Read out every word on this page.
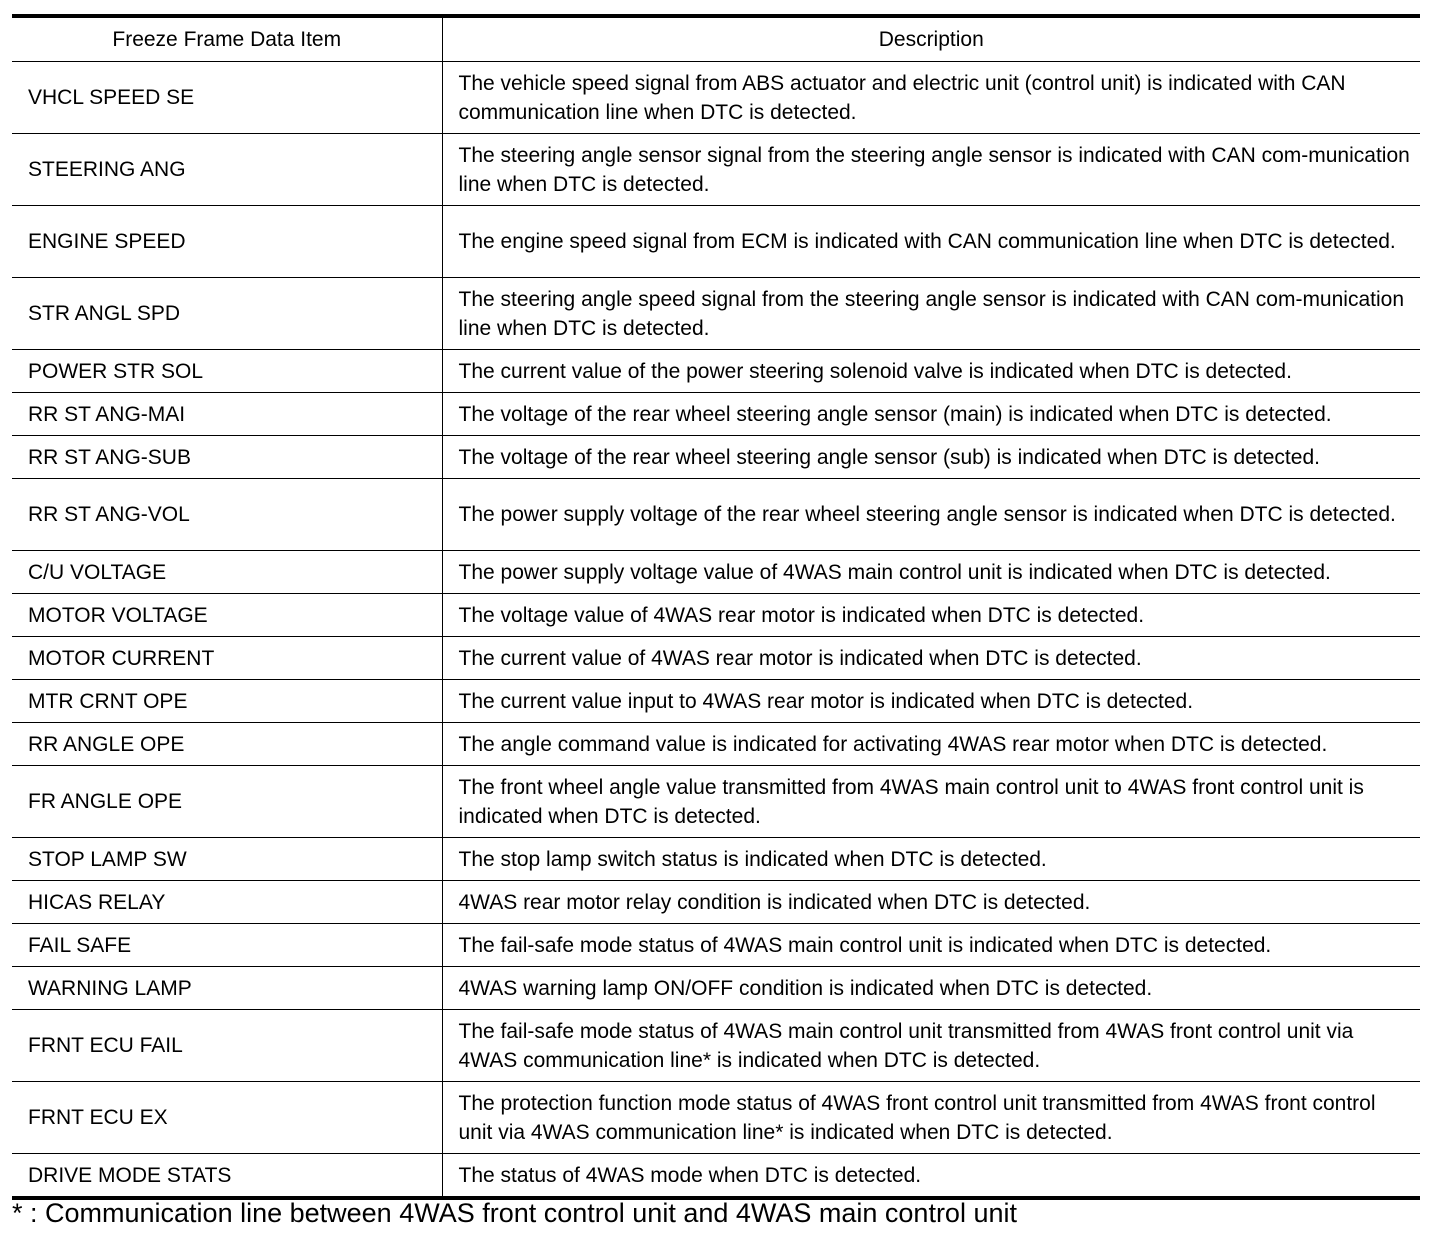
Freeze Frame Data Item	Description
VHCL SPEED SE	The vehicle speed signal from ABS actuator and electric unit (control unit) is indicated with CAN communication line when DTC is detected.
STEERING ANG	The steering angle sensor signal from the steering angle sensor is indicated with CAN com-munication line when DTC is detected.
ENGINE SPEED	The engine speed signal from ECM is indicated with CAN communication line when DTC is detected.
STR ANGL SPD	The steering angle speed signal from the steering angle sensor is indicated with CAN com-munication line when DTC is detected.
POWER STR SOL	The current value of the power steering solenoid valve is indicated when DTC is detected.
RR ST ANG-MAI	The voltage of the rear wheel steering angle sensor (main) is indicated when DTC is detected.
RR ST ANG-SUB	The voltage of the rear wheel steering angle sensor (sub) is indicated when DTC is detected.
RR ST ANG-VOL	The power supply voltage of the rear wheel steering angle sensor is indicated when DTC is detected.
C/U VOLTAGE	The power supply voltage value of 4WAS main control unit is indicated when DTC is detected.
MOTOR VOLTAGE	The voltage value of 4WAS rear motor is indicated when DTC is detected.
MOTOR CURRENT	The current value of 4WAS rear motor is indicated when DTC is detected.
MTR CRNT OPE	The current value input to 4WAS rear motor is indicated when DTC is detected.
RR ANGLE OPE	The angle command value is indicated for activating 4WAS rear motor when DTC is detected.
FR ANGLE OPE	The front wheel angle value transmitted from 4WAS main control unit to 4WAS front control unit is indicated when DTC is detected.
STOP LAMP SW	The stop lamp switch status is indicated when DTC is detected.
HICAS RELAY	4WAS rear motor relay condition is indicated when DTC is detected.
FAIL SAFE	The fail-safe mode status of 4WAS main control unit is indicated when DTC is detected.
WARNING LAMP	4WAS warning lamp ON/OFF condition is indicated when DTC is detected.
FRNT ECU FAIL	The fail-safe mode status of 4WAS main control unit transmitted from 4WAS front control unit via 4WAS communication line* is indicated when DTC is detected.
FRNT ECU EX	The protection function mode status of 4WAS front control unit transmitted from 4WAS front control unit via 4WAS communication line* is indicated when DTC is detected.
DRIVE MODE STATS	The status of 4WAS mode when DTC is detected.
* : Communication line between 4WAS front control unit and 4WAS main control unit
